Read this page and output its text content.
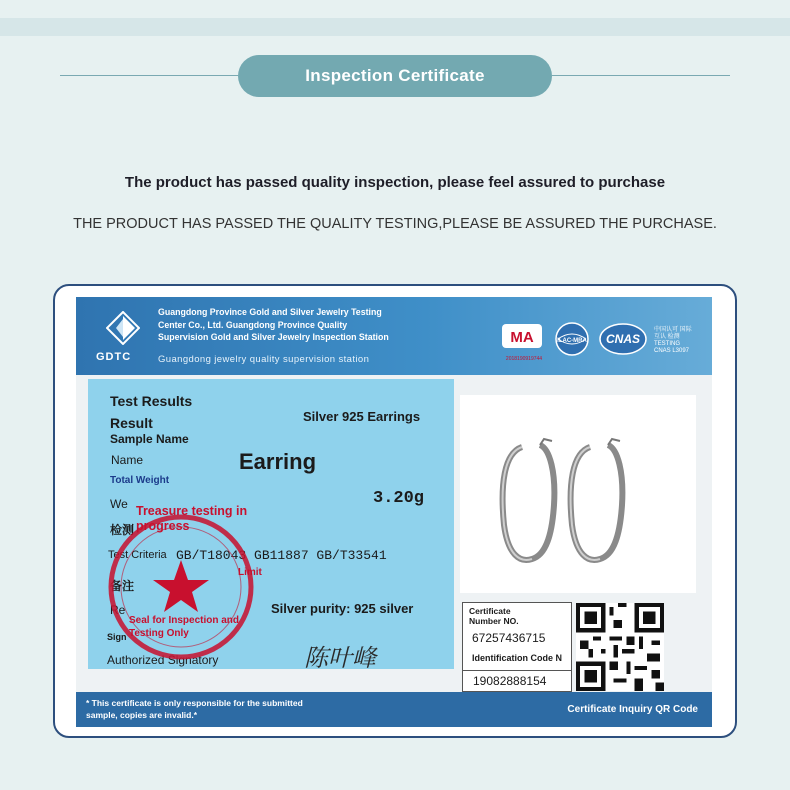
Inspection Certificate
The product has passed quality inspection, please feel assured to purchase
THE PRODUCT HAS PASSED THE QUALITY TESTING,PLEASE BE ASSURED THE PURCHASE.
GDTC
Guangdong Province Gold and Silver Jewelry Testing Center Co., Ltd. Guangdong Province Quality Supervision Gold and Silver Jewelry Inspection Station
Guangdong jewelry quality supervision station
MA
2018190919744
ILAC-MRA CNAS
中国认可 国际互认 检测 TESTING CNAS L3097
Test Results
Result
Sample Name
Silver 925 Earrings
Name	Earring
Total Weight
We	3.20g
检测
Test Criteria GB/T18043 GB11887 GB/T33541
备注
Re	Silver purity: 925 silver
Sign
Authorized Signatory	陈叶峰
Treasure testing in progress
Limit
Seal for Inspection and Testing Only
Certificate Number NO.
67257436715
Identification Code N
19082888154
* This certificate is only responsible for the submitted sample, copies are invalid.*	Certificate Inquiry QR Code
